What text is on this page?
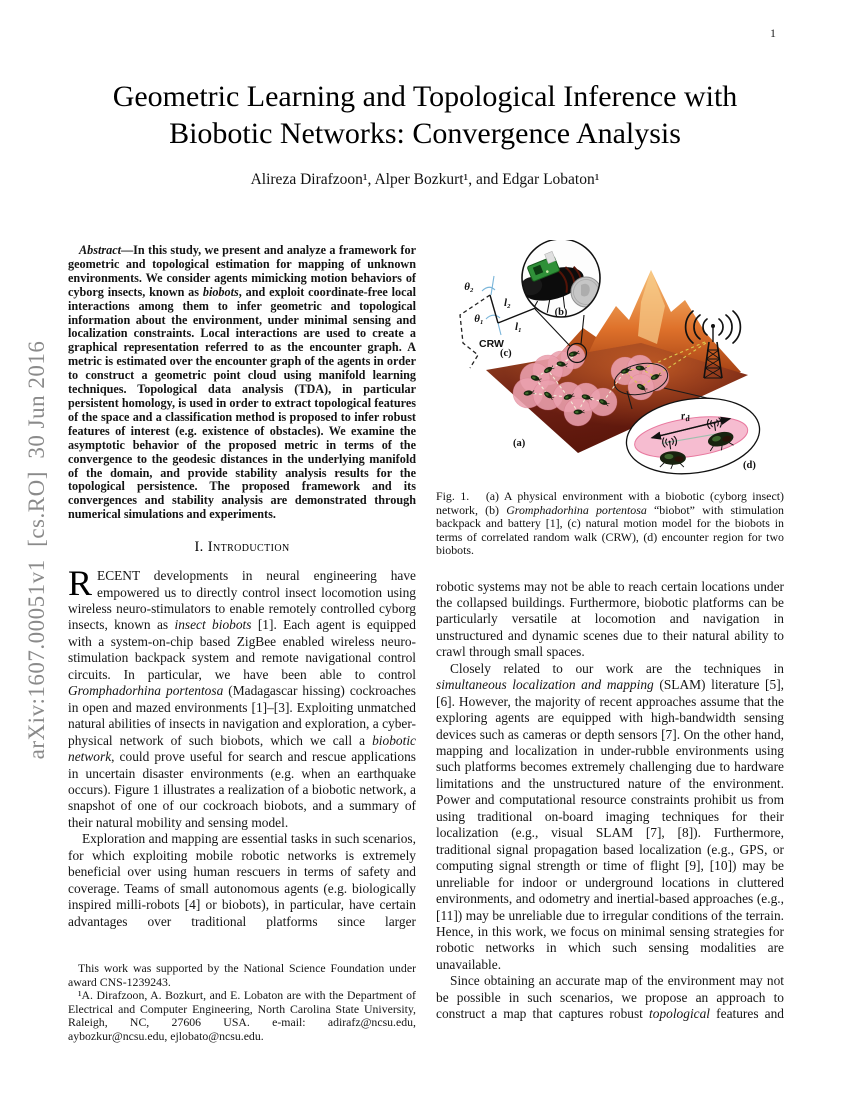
1
arXiv:1607.00051v1  [cs.RO]  30 Jun 2016
Geometric Learning and Topological Inference with
Biobotic Networks: Convergence Analysis
Alireza Dirafzoon¹, Alper Bozkurt¹, and Edgar Lobaton¹

Abstract—In this study, we present and analyze a framework for geometric and topological estimation for mapping of unknown environments. We consider agents mimicking motion behaviors of cyborg insects, known as biobots, and exploit coordinate-free local interactions among them to infer geometric and topological information about the environment, under minimal sensing and localization constraints. Local interactions are used to create a graphical representation referred to as the encounter graph. A metric is estimated over the encounter graph of the agents in order to construct a geometric point cloud using manifold learning techniques. Topological data analysis (TDA), in particular persistent homology, is used in order to extract topological features of the space and a classification method is proposed to infer robust features of interest (e.g. existence of obstacles). We examine the asymptotic behavior of the proposed metric in terms of the convergence to the geodesic distances in the underlying manifold of the domain, and provide stability analysis results for the topological persistence. The proposed framework and its convergences and stability analysis are demonstrated through numerical simulations and experiments.

I. Introduction

RECENT developments in neural engineering have empowered us to directly control insect locomotion using wireless neuro-stimulators to enable remotely controlled cyborg insects, known as insect biobots [1]. Each agent is equipped with a system-on-chip based ZigBee enabled wireless neuro-stimulation backpack system and remote navigational control circuits. In particular, we have been able to control Gromphadorhina portentosa (Madagascar hissing) cockroaches in open and mazed environments [1]–[3]. Exploiting unmatched natural abilities of insects in navigation and exploration, a cyber-physical network of such biobots, which we call a biobotic network, could prove useful for search and rescue applications in uncertain disaster environments (e.g. when an earthquake occurs). Figure 1 illustrates a realization of a biobotic network, a snapshot of one of our cockroach biobots, and a summary of their natural mobility and sensing model.

Exploration and mapping are essential tasks in such scenarios, for which exploiting mobile robotic networks is extremely beneficial over using human rescuers in terms of safety and coverage. Teams of small autonomous agents (e.g. biologically inspired milli-robots [4] or biobots), in particular, have certain advantages over traditional platforms since larger

This work was supported by the National Science Foundation under award CNS-1239243.

¹A. Dirafzoon, A. Bozkurt, and E. Lobaton are with the Department of Electrical and Computer Engineering, North Carolina State University, Raleigh, NC, 27606 USA. e-mail: adirafz@ncsu.edu, aybozkur@ncsu.edu, ejlobato@ncsu.edu.

θ₂
l₂
θ₁
l₁
CRW
(c)
(b)
$r_d$
(d)
(a)
Fig. 1.   (a) A physical environment with a biobotic (cyborg insect) network, (b) Gromphadorhina portentosa “biobot” with stimulation backpack and battery [1], (c) natural motion model for the biobots in terms of correlated random walk (CRW), (d) encounter region for two biobots.

robotic systems may not be able to reach certain locations under the collapsed buildings. Furthermore, biobotic platforms can be particularly versatile at locomotion and navigation in unstructured and dynamic scenes due to their natural ability to crawl through small spaces.

Closely related to our work are the techniques in simultaneous localization and mapping (SLAM) literature [5], [6]. However, the majority of recent approaches assume that the exploring agents are equipped with high-bandwidth sensing devices such as cameras or depth sensors [7]. On the other hand, mapping and localization in under-rubble environments using such platforms becomes extremely challenging due to hardware limitations and the unstructured nature of the environment. Power and computational resource constraints prohibit us from using traditional on-board imaging techniques for their localization (e.g., visual SLAM [7], [8]). Furthermore, traditional signal propagation based localization (e.g., GPS, or computing signal strength or time of flight [9], [10]) may be unreliable for indoor or underground locations in cluttered environments, and odometry and inertial-based approaches (e.g., [11]) may be unreliable due to irregular conditions of the terrain. Hence, in this work, we focus on minimal sensing strategies for robotic networks in which such sensing modalities are unavailable.

Since obtaining an accurate map of the environment may not be possible in such scenarios, we propose an approach to construct a map that captures robust topological features and
